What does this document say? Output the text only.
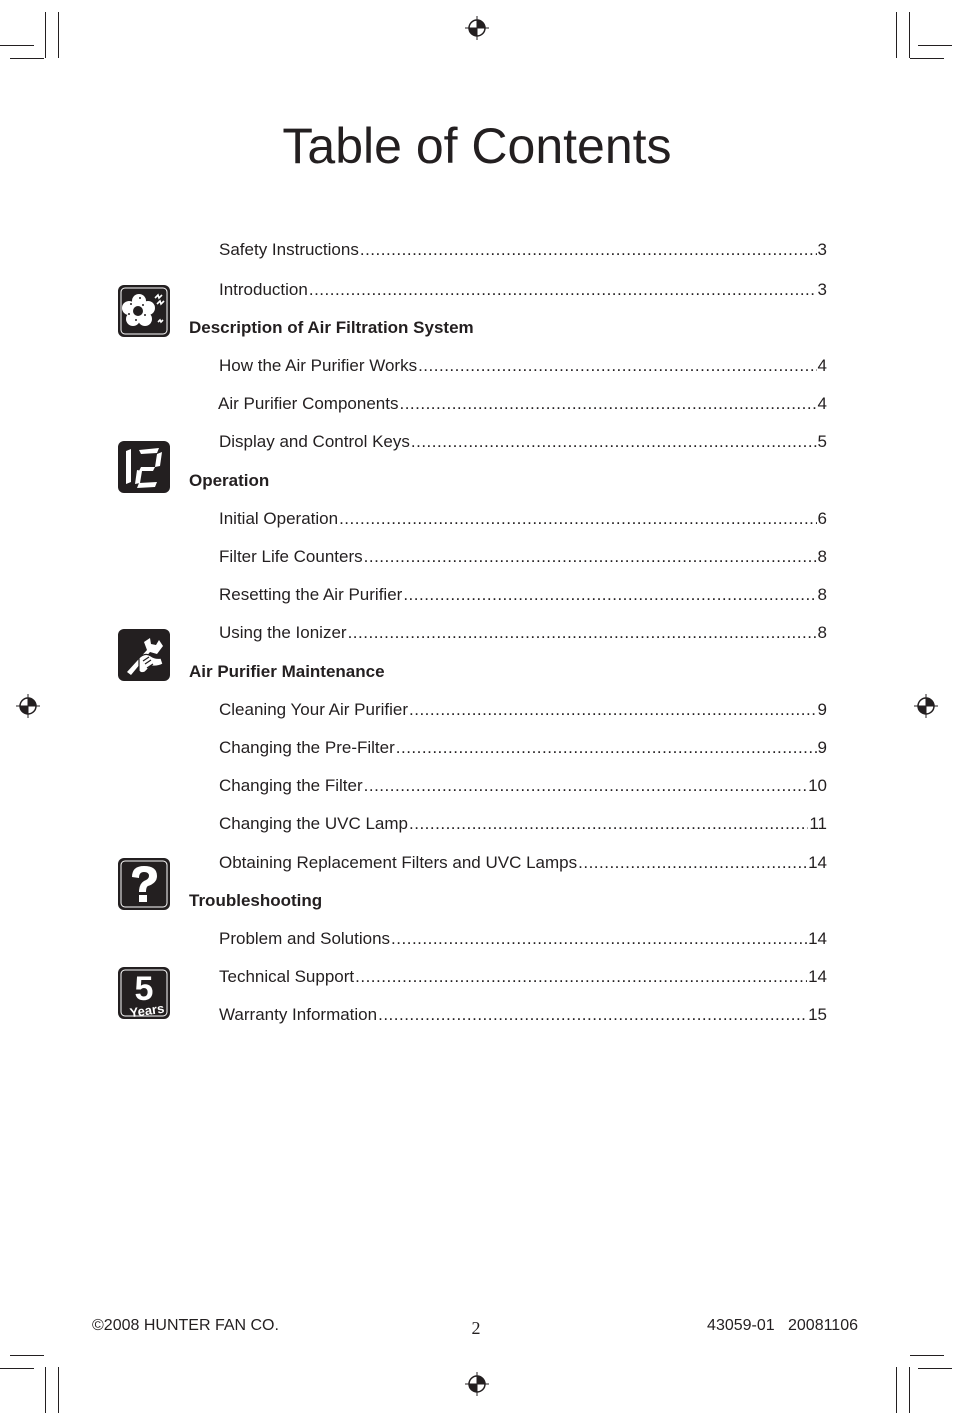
Table of Contents
Safety Instructions .....	3
Introduction .....	3
Description of Air Filtration System
How the Air Purifier Works .....	4
Air Purifier Components .....	4
Display and Control Keys .....	5
Operation
Initial Operation .....	6
Filter Life Counters .....	8
Resetting the Air Purifier .....	8
Using the Ionizer .....	8
Air Purifier Maintenance
Cleaning Your Air Purifier .....	9
Changing the Pre-Filter .....	9
Changing the Filter .....	10
Changing the UVC Lamp .....	11
Obtaining Replacement Filters and UVC Lamps .....	14
Troubleshooting
Problem and Solutions .....	14
Technical Support .....	14
Warranty Information .....	15
5
Years
©2008 HUNTER FAN CO.	2	43059-01   20081106
